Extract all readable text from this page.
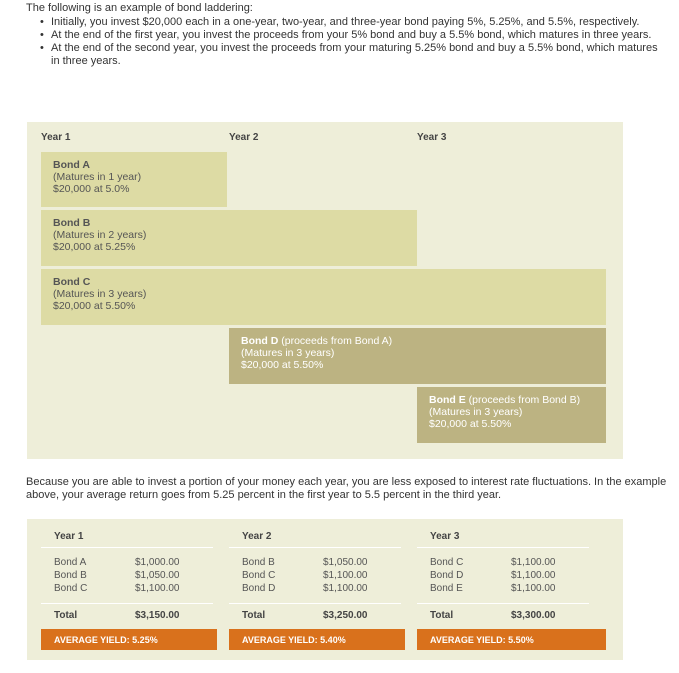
The following is an example of bond laddering:

• Initially, you invest $20,000 each in a one-year, two-year, and three-year bond paying 5%, 5.25%, and 5.5%, respectively.
• At the end of the first year, you invest the proceeds from your 5% bond and buy a 5.5% bond, which matures in three years.
• At the end of the second year, you invest the proceeds from your maturing 5.25% bond and buy a 5.5% bond, which matures in three years.
Year 1	Year 2	Year 3
Bond A
(Matures in 1 year)
$20,000 at 5.0%
Bond B
(Matures in 2 years)
$20,000 at 5.25%
Bond C
(Matures in 3 years)
$20,000 at 5.50%
Bond D (proceeds from Bond A)
(Matures in 3 years)
$20,000 at 5.50%
Bond E (proceeds from Bond B)
(Matures in 3 years)
$20,000 at 5.50%

Because you are able to invest a portion of your money each year, you are less exposed to interest rate fluctuations. In the example above, your average return goes from 5.25 percent in the first year to 5.5 percent in the third year.

Year 1
Bond A	$1,000.00
Bond B	$1,050.00
Bond C	$1,100.00
Total	$3,150.00
AVERAGE YIELD: 5.25%
Year 2
Bond B	$1,050.00
Bond C	$1,100.00
Bond D	$1,100.00
Total	$3,250.00
AVERAGE YIELD: 5.40%
Year 3
Bond C	$1,100.00
Bond D	$1,100.00
Bond E	$1,100.00
Total	$3,300.00
AVERAGE YIELD: 5.50%
